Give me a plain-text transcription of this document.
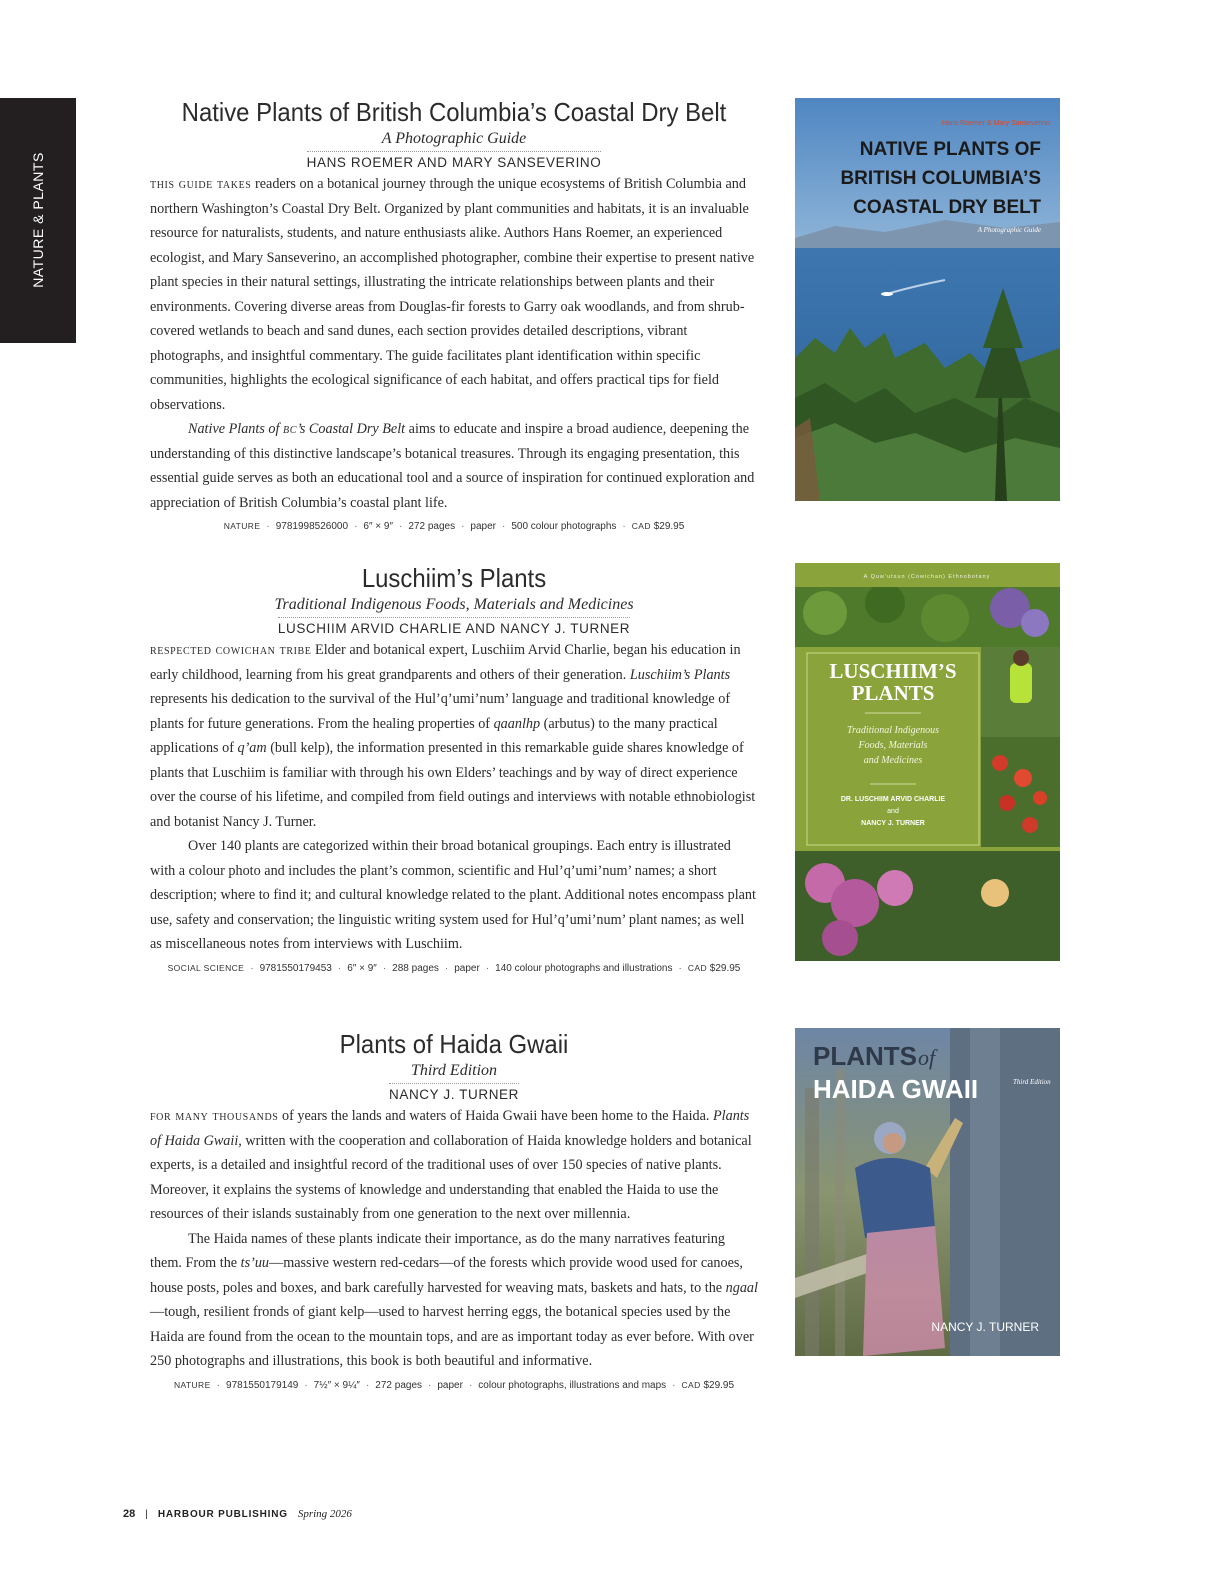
NATURE & PLANTS
Native Plants of British Columbia’s Coastal Dry Belt
A Photographic Guide
HANS ROEMER AND MARY SANSEVERINO

this guide takes readers on a botanical journey through the unique ecosystems of British Columbia and northern Washington’s Coastal Dry Belt. Organized by plant communities and habitats, it is an invaluable resource for naturalists, students, and nature enthusiasts alike. Authors Hans Roemer, an experienced ecologist, and Mary Sanseverino, an accomplished photographer, combine their expertise to present native plant species in their natural settings, illustrating the intricate relationships between plants and their environments. Covering diverse areas from Douglas-fir forests to Garry oak woodlands, and from shrub-covered wetlands to beach and sand dunes, each section provides detailed descriptions, vibrant photographs, and insightful commentary. The guide facilitates plant identification within specific communities, highlights the ecological significance of each habitat, and offers practical tips for field observations.

Native Plants of bc’s Coastal Dry Belt aims to educate and inspire a broad audience, deepening the understanding of this distinctive landscape’s botanical treasures. Through its engaging presentation, this essential guide serves as both an educational tool and a source of inspiration for continued exploration and appreciation of British Columbia’s coastal plant life.

NATURE · 9781998526000 · 6″ × 9″ · 272 pages · paper · 500 colour photographs · CAD $29.95
Hans Roemer & Mary Sanseverino
NATIVE PLANTS OF
BRITISH COLUMBIA’S
COASTAL DRY BELT
A Photographic Guide
Luschiim’s Plants
Traditional Indigenous Foods, Materials and Medicines
LUSCHIIM ARVID CHARLIE AND NANCY J. TURNER

respected cowichan tribe Elder and botanical expert, Luschiim Arvid Charlie, began his education in early childhood, learning from his great grandparents and others of their generation. Luschiim’s Plants represents his dedication to the survival of the Hul’q’umi’num’ language and traditional knowledge of plants for future generations. From the healing properties of qaanlhp (arbutus) to the many practical applications of q’am (bull kelp), the information presented in this remarkable guide shares knowledge of plants that Luschiim is familiar with through his own Elders’ teachings and by way of direct experience over the course of his lifetime, and compiled from field outings and interviews with notable ethnobiologist and botanist Nancy J. Turner.

Over 140 plants are categorized within their broad botanical groupings. Each entry is illustrated with a colour photo and includes the plant’s common, scientific and Hul’q’umi’num’ names; a short description; where to find it; and cultural knowledge related to the plant. Additional notes encompass plant use, safety and conservation; the linguistic writing system used for Hul’q’umi’num’ plant names; as well as miscellaneous notes from interviews with Luschiim.

SOCIAL SCIENCE · 9781550179453 · 6″ × 9″ · 288 pages · paper · 140 colour photographs and illustrations · CAD $29.95
A Quw’utsun (Cowichan) Ethnobotany
LUSCHIIM’S
PLANTS
Traditional Indigenous
Foods, Materials
and Medicines
DR. LUSCHIIM ARVID CHARLIE
and
NANCY J. TURNER
Plants of Haida Gwaii
Third Edition
NANCY J. TURNER

for many thousands of years the lands and waters of Haida Gwaii have been home to the Haida. Plants of Haida Gwaii, written with the cooperation and collaboration of Haida knowledge holders and botanical experts, is a detailed and insightful record of the traditional uses of over 150 species of native plants. Moreover, it explains the systems of knowledge and understanding that enabled the Haida to use the resources of their islands sustainably from one generation to the next over millennia.

The Haida names of these plants indicate their importance, as do the many narratives featuring them. From the ts’uu—massive western red-cedars—of the forests which provide wood used for canoes, house posts, poles and boxes, and bark carefully harvested for weaving mats, baskets and hats, to the ngaal—tough, resilient fronds of giant kelp—used to harvest herring eggs, the botanical species used by the Haida are found from the ocean to the mountain tops, and are as important today as ever before. With over 250 photographs and illustrations, this book is both beautiful and informative.

NATURE · 9781550179149 · 7½″ × 9¼″ · 272 pages · paper · colour photographs, illustrations and maps · CAD $29.95
PLANTS of
HAIDA GWAII	Third Edition
NANCY J. TURNER
28 | HARBOUR PUBLISHING Spring 2026
